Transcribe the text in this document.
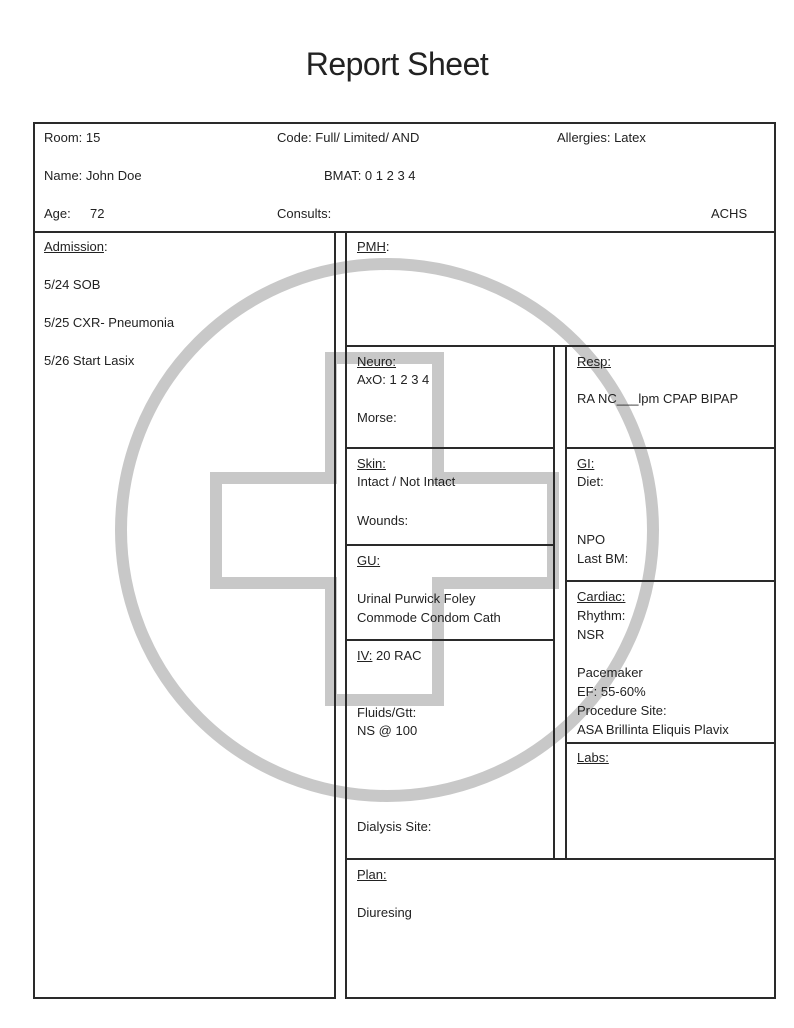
Report Sheet
Room: 15	Code: Full/ Limited/ AND	Allergies: Latex
Name: John Doe	BMAT: 0 1 2 3 4
Age: 72	Consults:	ACHS
Admission:
5/24 SOB
5/25 CXR- Pneumonia
5/26 Start Lasix
PMH:
Neuro:
AxO: 1 2 3 4
Morse:
Resp:
RA NC___lpm CPAP BIPAP
Skin:
Intact / Not Intact
Wounds:
GI:
Diet:
NPO
Last BM:
GU:
Urinal Purwick Foley
Commode Condom Cath
Cardiac:
Rhythm:
NSR
Pacemaker
EF: 55-60%
Procedure Site:
ASA Brillinta Eliquis Plavix
IV: 20 RAC
Fluids/Gtt:
NS @ 100
Dialysis Site:
Labs:
Plan:
Diuresing
